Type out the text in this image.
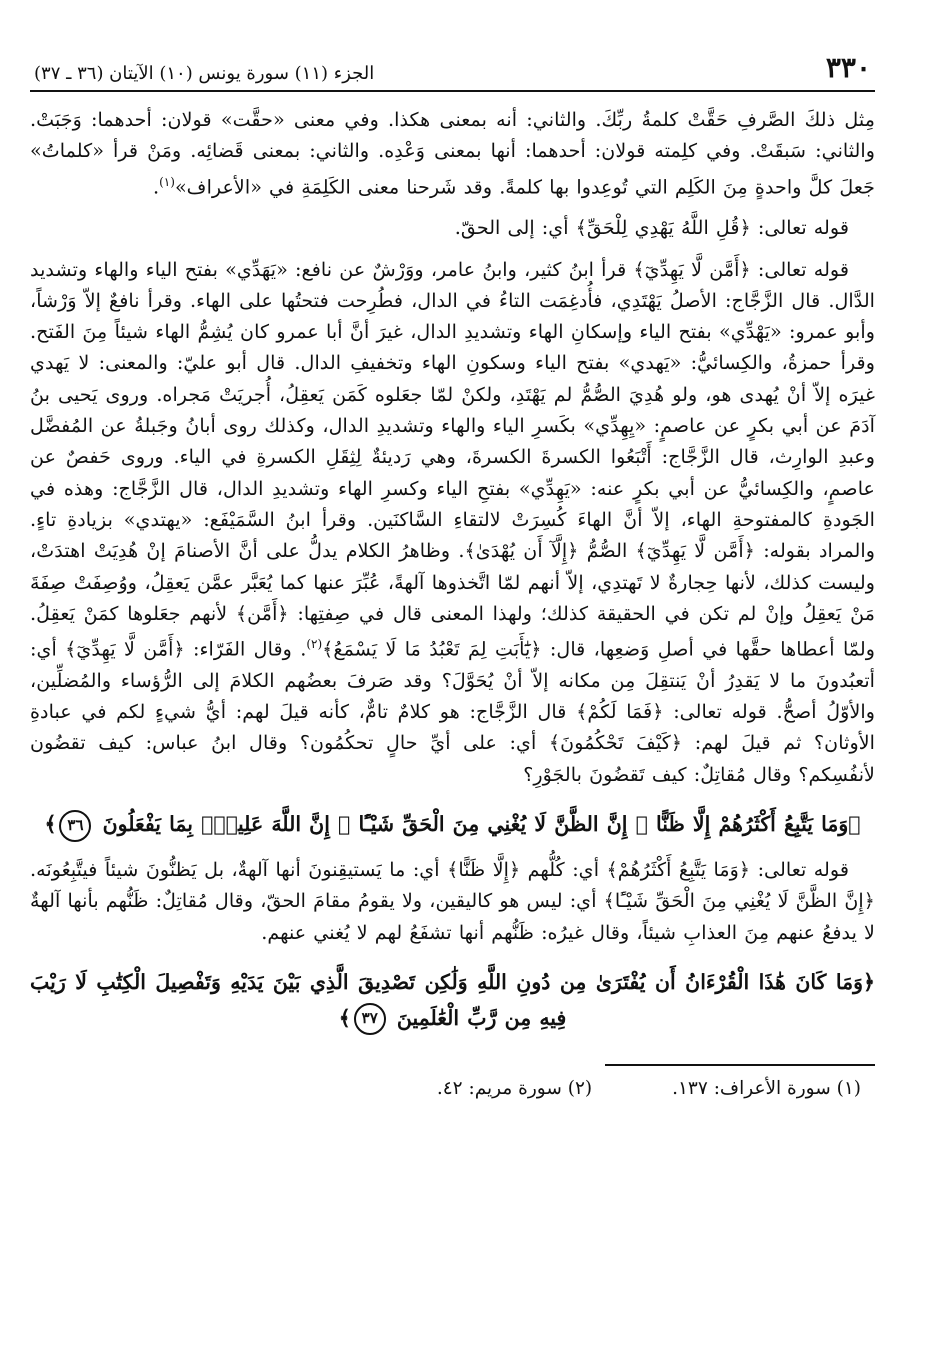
٣٣٠
الجزء (١١) سورة يونس (١٠) الآيتان (٣٦ ـ ٣٧)

مِثل ذلكَ الصَّرفِ حَقَّتْ كلمةُ ربِّكَ. والثاني: أنه بمعنى هكذا. وفي معنى «حقَّت» قولان: أحدهما: وَجَبَتْ. والثاني: سَبقَتْ. وفي كلِمته قولان: أحدهما: أنها بمعنى وَعْدِه. والثاني: بمعنى قَضائِه. ومَنْ قرأ «كلماتُ» جَعلَ كلَّ واحدةٍ مِنَ الكَلِم التي تُوعِدوا بها كلمةً. وقد شَرحنا معنى الكَلِمَةِ في «الأعراف»$^{(١)}$.

قوله تعالى: ﴿قُلِ اللَّهُ يَهْدِي لِلْحَقِّ﴾ أي: إلى الحقّ.

قوله تعالى: ﴿أَمَّن لَّا يَهِدِّيٓ﴾ قرأ ابنُ كثير، وابنُ عامر، ووَرْشٌ عن نافع: «يَهَدِّي» بفتح الياء والهاء وتشديد الدَّال. قال الزَّجَّاج: الأصلُ يَهْتَدِي، فأُدغِمَت التاءُ في الدال، فطُرِحت فتحتُها على الهاء. وقرأ نافعٌ إلاّ وَرْشاً، وأبو عمرو: «يَهْدِّي» بفتح الياء وإسكانِ الهاء وتشديدِ الدال، غيرَ أنَّ أبا عمرو كان يُشِمُّ الهاء شيئاً مِنَ الفَتح. وقرأ حمزةُ، والكِسائيُّ: «يَهدي» بفتح الياء وسكونِ الهاء وتخفيفِ الدال. قال أبو عليّ: والمعنى: لا يَهدي غيرَه إلاّ أنْ يُهدى هو، ولو هُدِيَ الصُّمُّ لم يَهْتَدِ، ولكنْ لمّا جعَلوه كَمَن يَعقِلُ، أُجريَتْ مَجراه. وروى يَحيى بنُ آدَمَ عن أبي بكرٍ عن عاصمٍ: «يِهِدِّي» بكَسرِ الياء والهاء وتشديدِ الدال، وكذلك روى أبانُ وجَبلةُ عن المُفضَّل وعبدِ الوارِث، قال الزَّجَّاج: أَتْبَعُوا الكسرةَ الكسرةَ، وهي رَديئةٌ لِثِقَلِ الكسرةِ في الياء. وروى حَفصٌ عن عاصمٍ، والكِسائيُّ عن أبي بكرٍ عنه: «يَهِدِّي» بفتحِ الياء وكسرِ الهاء وتشديدِ الدال، قال الزَّجَّاج: وهذه في الجَودةِ كالمفتوحةِ الهاء، إلاّ أنَّ الهاءَ كُسِرَتْ لالتقاءِ السَّاكنَين. وقرأ ابنُ السَّمَيْفَع: «يهتدي» بزيادةِ تاءٍ. والمراد بقوله: ﴿أَمَّن لَّا يَهِدِّيٓ﴾ الصُّمُّ ﴿إِلَّآ أَن يُهْدَىٰ﴾. وظاهرُ الكلام يدلُّ على أنَّ الأصنامَ إنْ هُدِيَتْ اهتدَتْ، وليست كذلك، لأنها حِجارةٌ لا تَهتدِي، إلاّ أنهم لمّا اتَّخذوها آلهةً، عُبِّرَ عنها كما يُعَبَّر عمَّن يَعقِلُ، ووُصِفَتْ صِفَةَ مَنْ يَعقِلُ وإنْ لم تكن في الحقيقة كذلك؛ ولهذا المعنى قال في صِفتِها: ﴿أَمَّن﴾ لأنهم جعَلوها كمَنْ يَعقِلُ. ولمّا أعطاها حقَّها في أصلِ وَضعِها، قال: ﴿يَٰٓأَبَتِ لِمَ تَعْبُدُ مَا لَا يَسْمَعُ﴾$^{(٢)}$. وقال الفَرّاء: ﴿أَمَّن لَّا يَهِدِّيٓ﴾ أي: أتعبُدونَ ما لا يَقدِرُ أنْ يَنتقِلَ مِن مكانه إلاّ أنْ يُحَوَّلَ؟ وقد صَرفَ بعضُهم الكلامَ إلى الرُّؤساء والمُضلِّين، والأوّلُ أصحُّ. قوله تعالى: ﴿فَمَا لَكُمْ﴾ قال الزَّجَّاج: هو كلامٌ تامٌّ، كأنه قيلَ لهم: أيُّ شيءٍ لكم في عبادةِ الأوثان؟ ثم قيلَ لهم: ﴿كَيْفَ تَحْكُمُونَ﴾ أي: على أيِّ حالٍ تحكُمُون؟ وقال ابنُ عباس: كيف تقضُون لأنفُسِكم؟ وقال مُقاتِلٌ: كيف تَقضُونَ بالجَوْرِ؟

﴿وَمَا يَتَّبِعُ أَكْثَرُهُمْ إِلَّا ظَنًّا ۚ إِنَّ الظَّنَّ لَا يُغْنِي مِنَ الْحَقِّ شَيْـًٔا ۚ إِنَّ اللَّهَ عَلِيمٌۢ بِمَا يَفْعَلُونَ ٣٦﴾

قوله تعالى: ﴿وَمَا يَتَّبِعُ أَكْثَرُهُمْ﴾ أي: كُلُّهم ﴿إِلَّا ظَنًّا﴾ أي: ما يَستيقِنونَ أنها آلهةٌ، بل يَظنُّونَ شيئاً فيتَّبِعُونَه. ﴿إِنَّ الظَّنَّ لَا يُغْنِي مِنَ الْحَقِّ شَيْـًٔا﴾ أي: ليس هو كاليقين، ولا يقومُ مقامَ الحقّ، وقال مُقاتِلٌ: ظَنُّهم بأنها آلهةٌ لا يدفعُ عنهم مِنَ العذابِ شيئاً، وقال غيرُه: ظَنُّهم أنها تشفَعُ لهم لا يُغني عنهم.

﴿وَمَا كَانَ هَٰذَا الْقُرْءَانُ أَن يُفْتَرَىٰ مِن دُونِ اللَّهِ وَلَٰكِن تَصْدِيقَ الَّذِي بَيْنَ يَدَيْهِ وَتَفْصِيلَ الْكِتَٰبِ لَا رَيْبَ فِيهِ مِن رَّبِّ الْعَٰلَمِينَ ٣٧﴾

(١) سورة الأعراف: ١٣٧.
(٢) سورة مريم: ٤٢.
